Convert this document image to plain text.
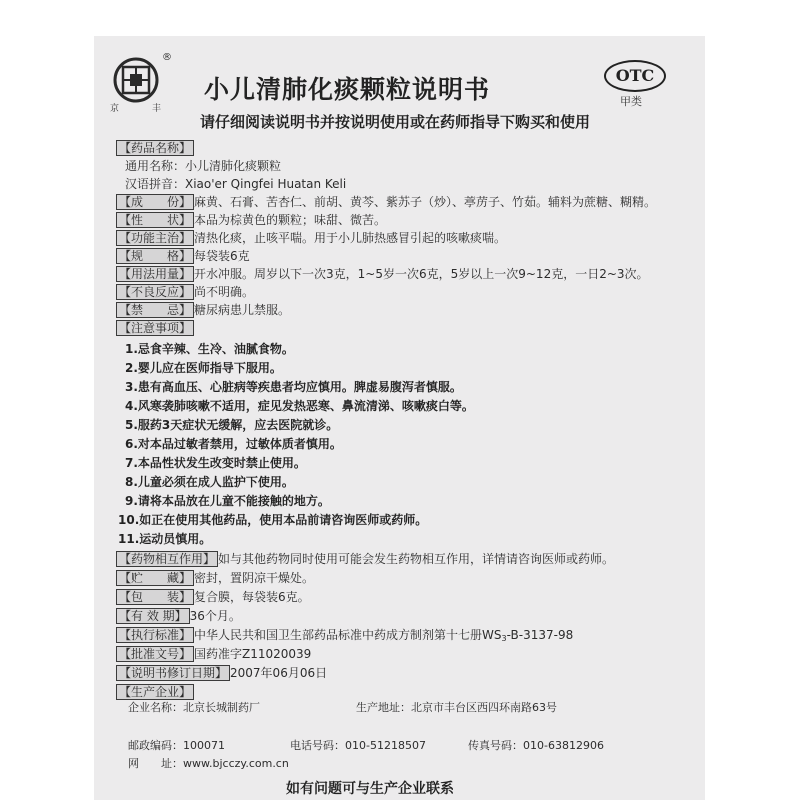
®
京	丰
小儿清肺化痰颗粒说明书	OTC
甲类
请仔细阅读说明书并按说明使用或在药师指导下购买和使用
【药品名称】
通用名称：小儿清肺化痰颗粒
汉语拼音：Xiao'er Qingfei Huatan Keli
【成　　份】 麻黄、石膏、苦杏仁、前胡、黄芩、紫苏子（炒）、葶苈子、竹茹。辅料为蔗糖、糊精。
【性　　状】 本品为棕黄色的颗粒；味甜、微苦。
【功能主治】 清热化痰，止咳平喘。用于小儿肺热感冒引起的咳嗽痰喘。
【规　　格】 每袋装6克
【用法用量】 开水冲服。周岁以下一次3克，1~5岁一次6克，5岁以上一次9~12克，一日2~3次。
【不良反应】 尚不明确。
【禁　　忌】 糖尿病患儿禁服。
【注意事项】
1.忌食辛辣、生冷、油腻食物。
2.婴儿应在医师指导下服用。
3.患有高血压、心脏病等疾患者均应慎用。脾虚易腹泻者慎服。
4.风寒袭肺咳嗽不适用，症见发热恶寒、鼻流清涕、咳嗽痰白等。
5.服药3天症状无缓解，应去医院就诊。
6.对本品过敏者禁用，过敏体质者慎用。
7.本品性状发生改变时禁止使用。
8.儿童必须在成人监护下使用。
9.请将本品放在儿童不能接触的地方。
10.如正在使用其他药品，使用本品前请咨询医师或药师。
11.运动员慎用。
【药物相互作用】 如与其他药物同时使用可能会发生药物相互作用，详情请咨询医师或药师。
【贮　　藏】 密封，置阴凉干燥处。
【包　　装】 复合膜，每袋装6克。
【有 效 期】 36个月。
【执行标准】 中华人民共和国卫生部药品标准中药成方制剂第十七册$WS_3-B-3137-98$
【批准文号】 国药准字Z11020039
【说明书修订日期】 2007年06月06日
【生产企业】
企业名称：北京长城制药厂	生产地址：北京市丰台区西四环南路63号
邮政编码：100071	电话号码：010-51218507	传真号码：010-63812906
网　　址：www.bjcczy.com.cn
如有问题可与生产企业联系
